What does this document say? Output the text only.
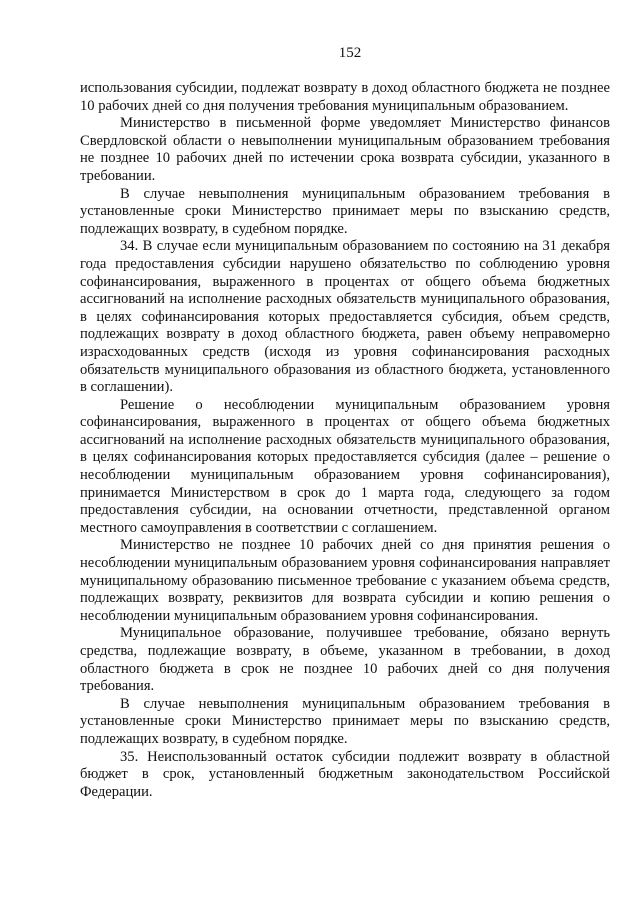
152

использования субсидии, подлежат возврату в доход областного бюджета не позднее 10 рабочих дней со дня получения требования муниципальным образованием.

Министерство в письменной форме уведомляет Министерство финансов Свердловской области о невыполнении муниципальным образованием требования не позднее 10 рабочих дней по истечении срока возврата субсидии, указанного в требовании.

В случае невыполнения муниципальным образованием требования в установленные сроки Министерство принимает меры по взысканию средств, подлежащих возврату, в судебном порядке.

34. В случае если муниципальным образованием по состоянию на 31 декабря года предоставления субсидии нарушено обязательство по соблюдению уровня софинансирования, выраженного в процентах от общего объема бюджетных ассигнований на исполнение расходных обязательств муниципального образования, в целях софинансирования которых предоставляется субсидия, объем средств, подлежащих возврату в доход областного бюджета, равен объему неправомерно израсходованных средств (исходя из уровня софинансирования расходных обязательств муниципального образования из областного бюджета, установленного в соглашении).

Решение о несоблюдении муниципальным образованием уровня софинансирования, выраженного в процентах от общего объема бюджетных ассигнований на исполнение расходных обязательств муниципального образования, в целях софинансирования которых предоставляется субсидия (далее – решение о несоблюдении муниципальным образованием уровня софинансирования), принимается Министерством в срок до 1 марта года, следующего за годом предоставления субсидии, на основании отчетности, представленной органом местного самоуправления в соответствии с соглашением.

Министерство не позднее 10 рабочих дней со дня принятия решения о несоблюдении муниципальным образованием уровня софинансирования направляет муниципальному образованию письменное требование с указанием объема средств, подлежащих возврату, реквизитов для возврата субсидии и копию решения о несоблюдении муниципальным образованием уровня софинансирования.

Муниципальное образование, получившее требование, обязано вернуть средства, подлежащие возврату, в объеме, указанном в требовании, в доход областного бюджета в срок не позднее 10 рабочих дней со дня получения требования.

В случае невыполнения муниципальным образованием требования в установленные сроки Министерство принимает меры по взысканию средств, подлежащих возврату, в судебном порядке.

35. Неиспользованный остаток субсидии подлежит возврату в областной бюджет в срок, установленный бюджетным законодательством Российской Федерации.
